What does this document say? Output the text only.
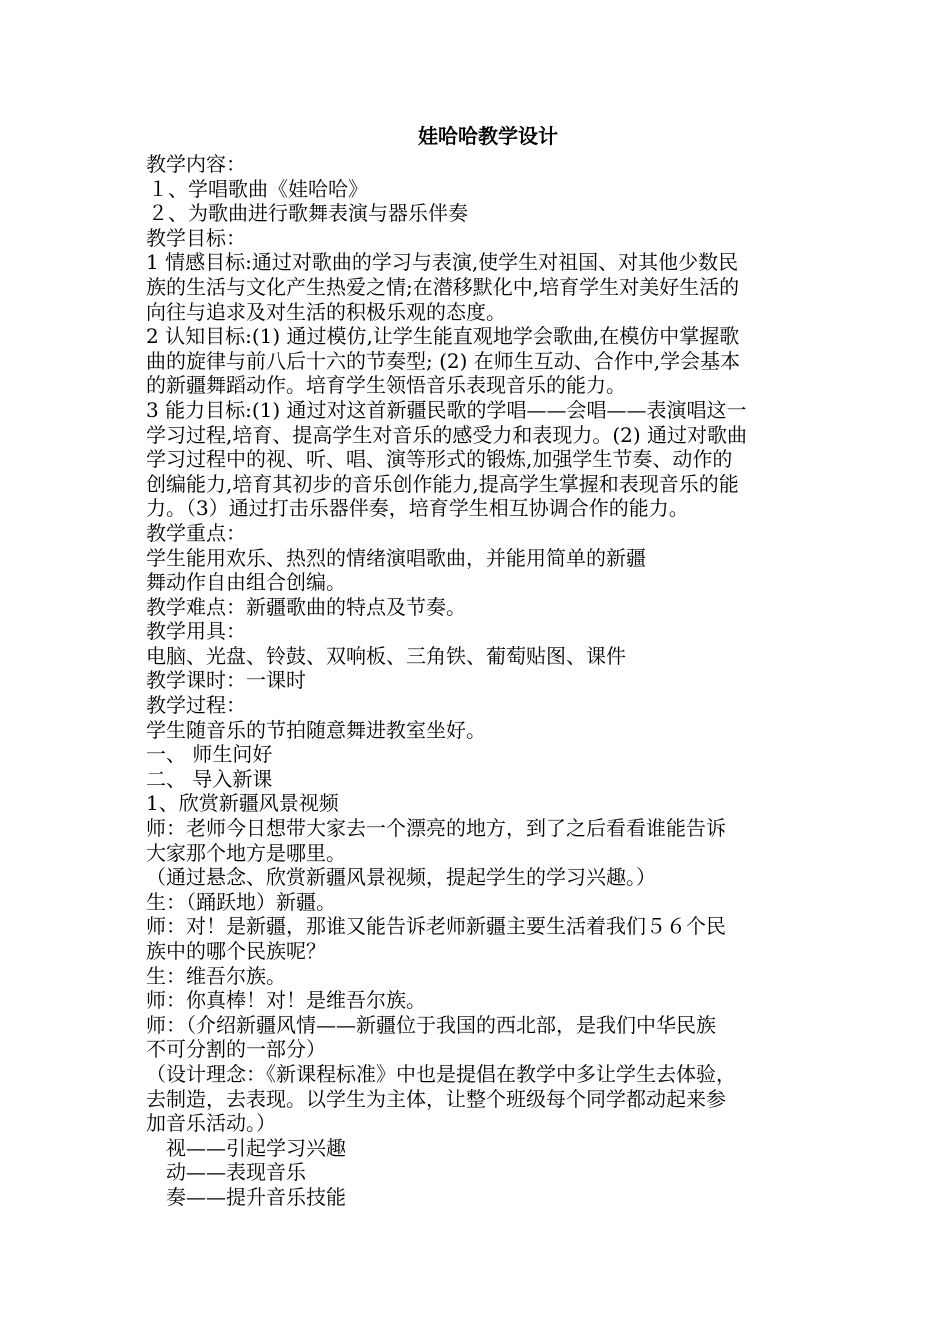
娃哈哈教学设计

教学内容：

１、学唱歌曲《娃哈哈》

２、为歌曲进行歌舞表演与器乐伴奏

教学目标：

1 情感目标:通过对歌曲的学习与表演,使学生对祖国、对其他少数民

族的生活与文化产生热爱之情;在潜移默化中,培育学生对美好生活的

向往与追求及对生活的积极乐观的态度。

2 认知目标:(1) 通过模仿,让学生能直观地学会歌曲,在模仿中掌握歌

曲的旋律与前八后十六的节奏型; (2) 在师生互动、合作中,学会基本

的新疆舞蹈动作。培育学生领悟音乐表现音乐的能力。

3 能力目标:(1) 通过对这首新疆民歌的学唱——会唱——表演唱这一

学习过程,培育、提高学生对音乐的感受力和表现力。(2) 通过对歌曲

学习过程中的视、听、唱、演等形式的锻炼,加强学生节奏、动作的

创编能力,培育其初步的音乐创作能力,提高学生掌握和表现音乐的能

力。（3）通过打击乐器伴奏，培育学生相互协调合作的能力。

教学重点：

学生能用欢乐、热烈的情绪演唱歌曲，并能用简单的新疆

舞动作自由组合创编。

教学难点：新疆歌曲的特点及节奏。

教学用具：

电脑、光盘、铃鼓、双响板、三角铁、葡萄贴图、课件

教学课时：一课时

教学过程：

学生随音乐的节拍随意舞进教室坐好。

一、 师生问好

二、 导入新课

1、欣赏新疆风景视频

师：老师今日想带大家去一个漂亮的地方，到了之后看看谁能告诉

大家那个地方是哪里。

（通过悬念、欣赏新疆风景视频，提起学生的学习兴趣。）

生：（踊跃地）新疆。

师：对！是新疆，那谁又能告诉老师新疆主要生活着我们５６个民

族中的哪个民族呢？

生：维吾尔族。

师：你真棒！对！是维吾尔族。

师：（介绍新疆风情——新疆位于我国的西北部，是我们中华民族

不可分割的一部分）

（设计理念：《新课程标准》中也是提倡在教学中多让学生去体验，

去制造，去表现。以学生为主体，让整个班级每个同学都动起来参

加音乐活动。）

视——引起学习兴趣

动——表现音乐

奏——提升音乐技能
